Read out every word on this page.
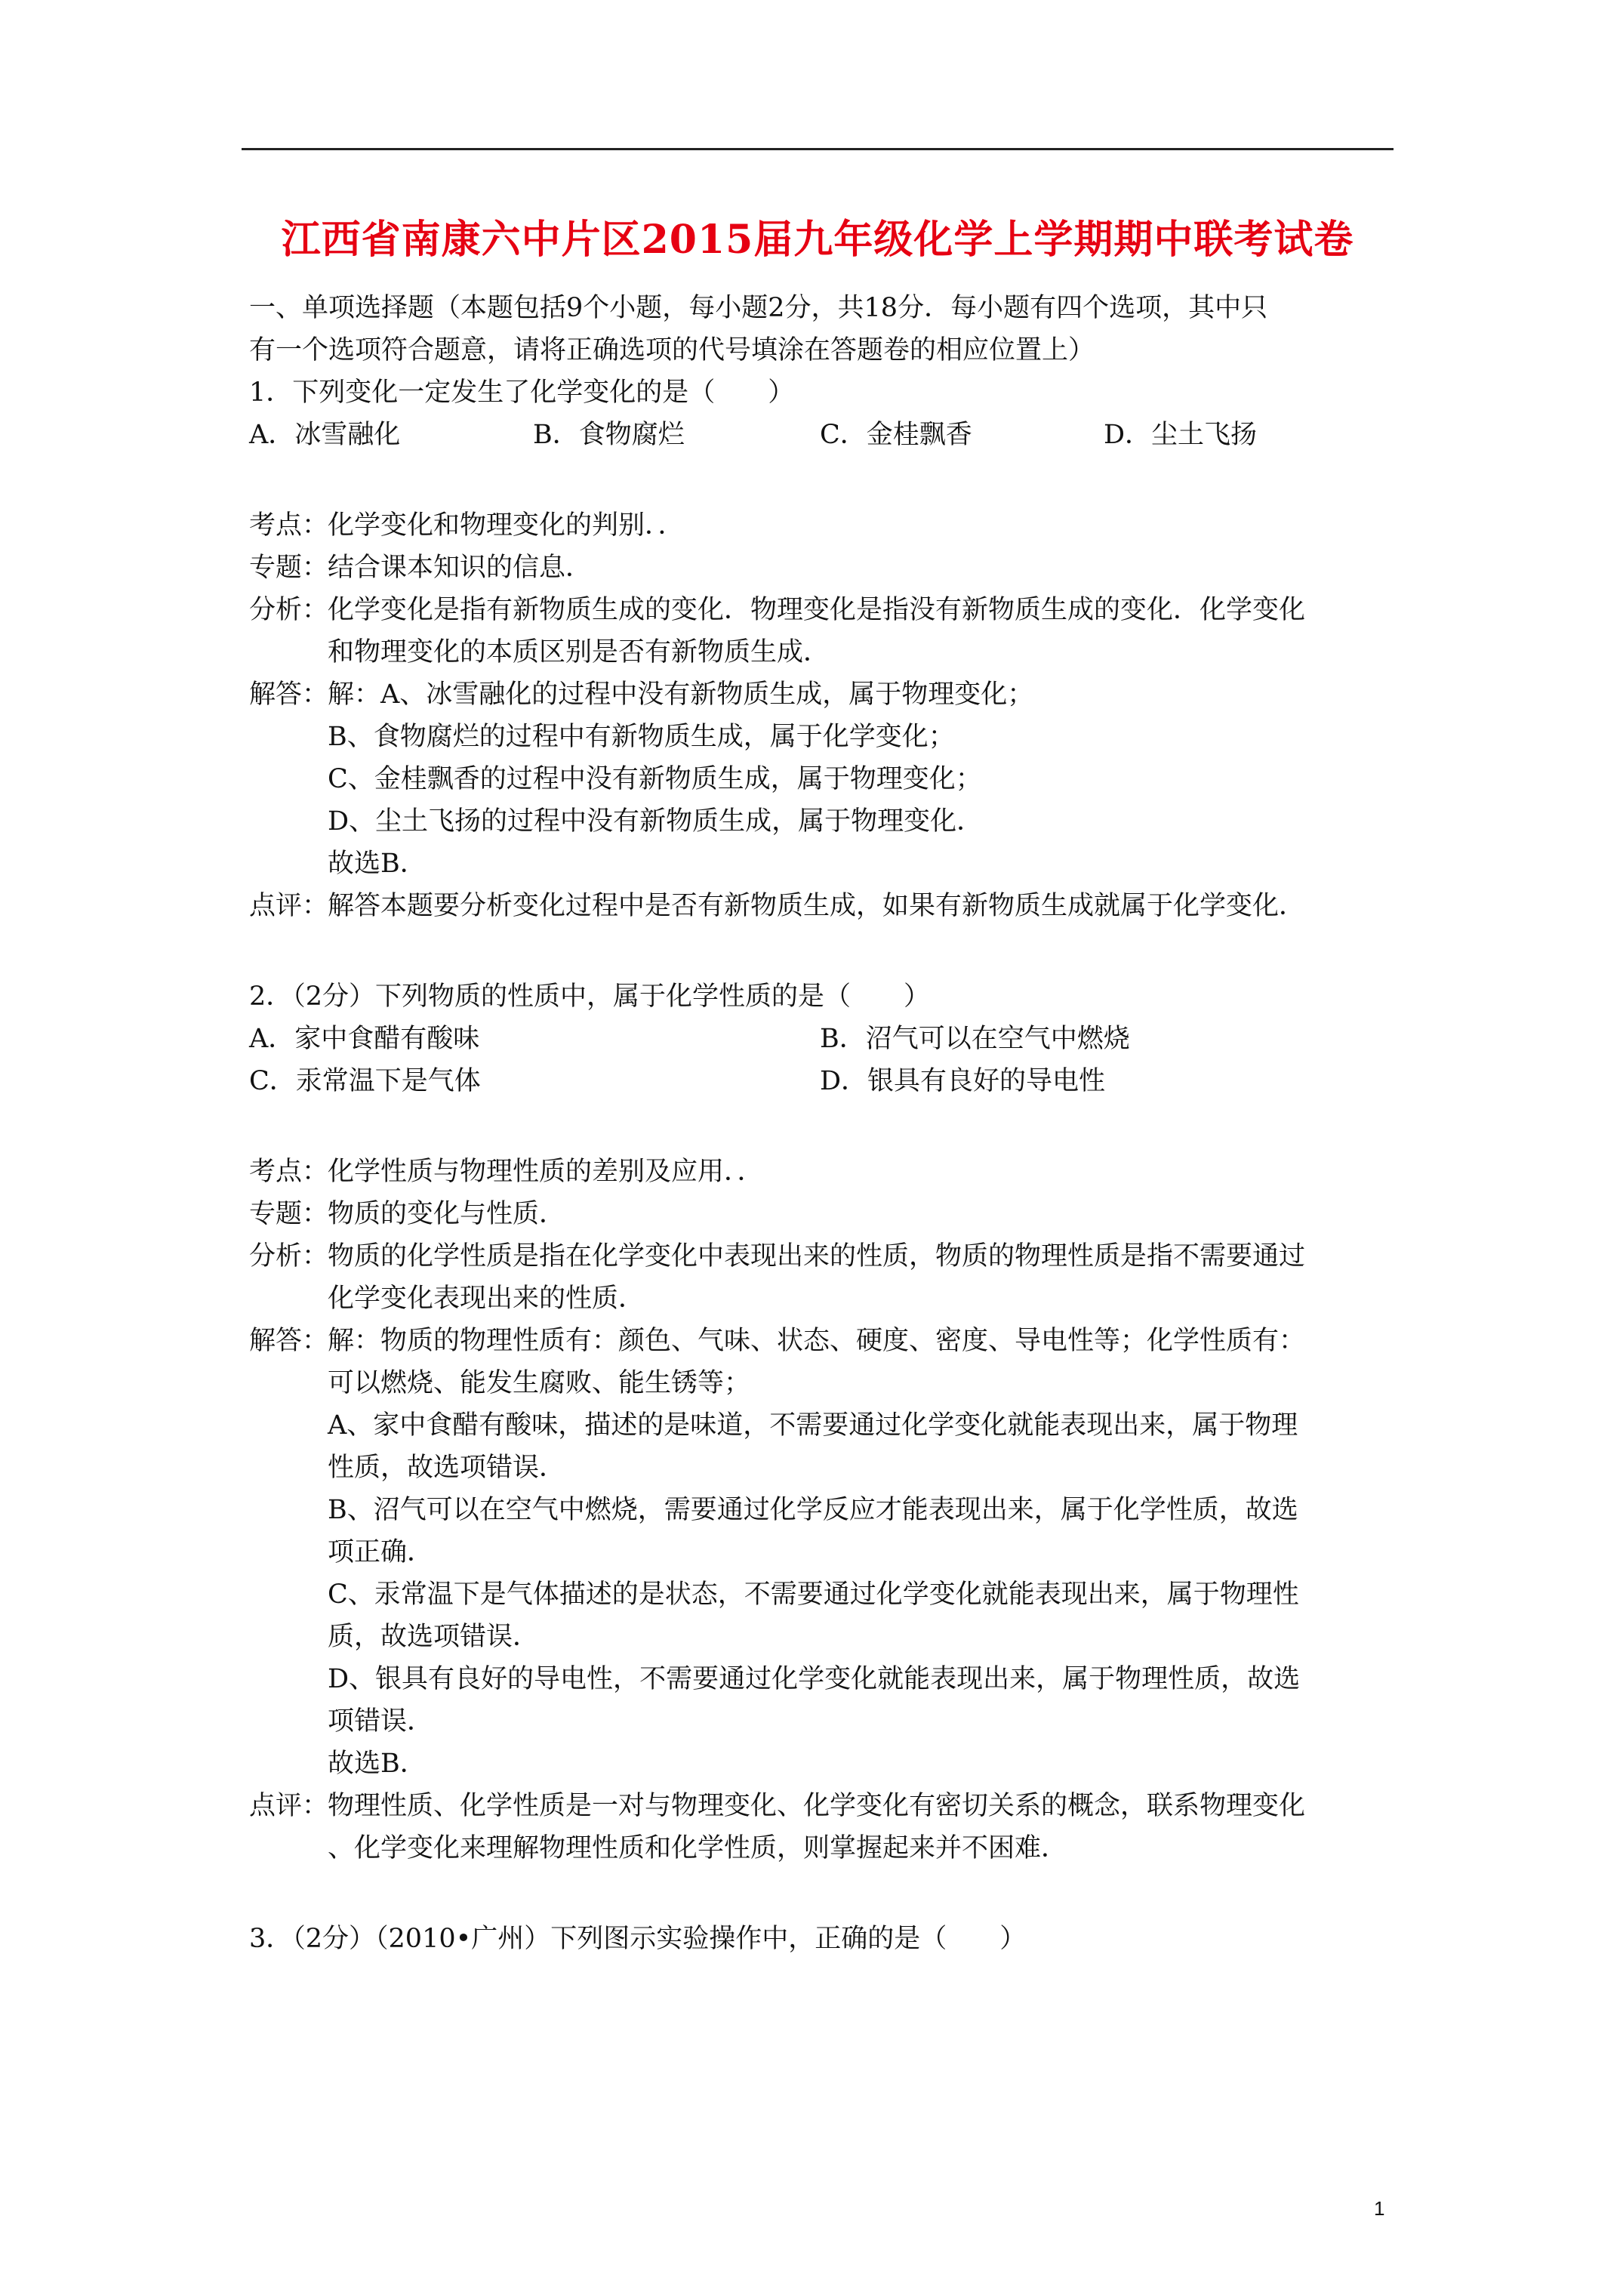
江西省南康六中片区2015届九年级化学上学期期中联考试卷
一、单项选择题（本题包括9个小题，每小题2分，共18分．每小题有四个选项，其中只
有一个选项符合题意，请将正确选项的代号填涂在答题卷的相应位置上）
1．下列变化一定发生了化学变化的是（　　）
A．冰雪融化	B．食物腐烂	C．金桂飘香	D．尘土飞扬
考点：
化学变化和物理变化的判别．．
专题：
结合课本知识的信息．
分析：
化学变化是指有新物质生成的变化．物理变化是指没有新物质生成的变化．化学变化
和物理变化的本质区别是否有新物质生成．
解答：
解：A、冰雪融化的过程中没有新物质生成，属于物理变化；
B、食物腐烂的过程中有新物质生成，属于化学变化；
C、金桂飘香的过程中没有新物质生成，属于物理变化；
D、尘土飞扬的过程中没有新物质生成，属于物理变化．
故选B．
点评：
解答本题要分析变化过程中是否有新物质生成，如果有新物质生成就属于化学变化．
2．（2分）下列物质的性质中，属于化学性质的是（　　）
A．家中食醋有酸味	B．沼气可以在空气中燃烧
C．汞常温下是气体	D．银具有良好的导电性
考点：
化学性质与物理性质的差别及应用．．
专题：
物质的变化与性质．
分析：
物质的化学性质是指在化学变化中表现出来的性质，物质的物理性质是指不需要通过
化学变化表现出来的性质．
解答：
解：物质的物理性质有：颜色、气味、状态、硬度、密度、导电性等；化学性质有：
可以燃烧、能发生腐败、能生锈等；
A、家中食醋有酸味，描述的是味道，不需要通过化学变化就能表现出来，属于物理
性质，故选项错误．
B、沼气可以在空气中燃烧，需要通过化学反应才能表现出来，属于化学性质，故选
项正确．
C、汞常温下是气体描述的是状态，不需要通过化学变化就能表现出来，属于物理性
质，故选项错误．
D、银具有良好的导电性，不需要通过化学变化就能表现出来，属于物理性质，故选
项错误．
故选B．
点评：
物理性质、化学性质是一对与物理变化、化学变化有密切关系的概念，联系物理变化
、化学变化来理解物理性质和化学性质，则掌握起来并不困难．
3．（2分）（2010•广州）下列图示实验操作中，正确的是（　　）
1
